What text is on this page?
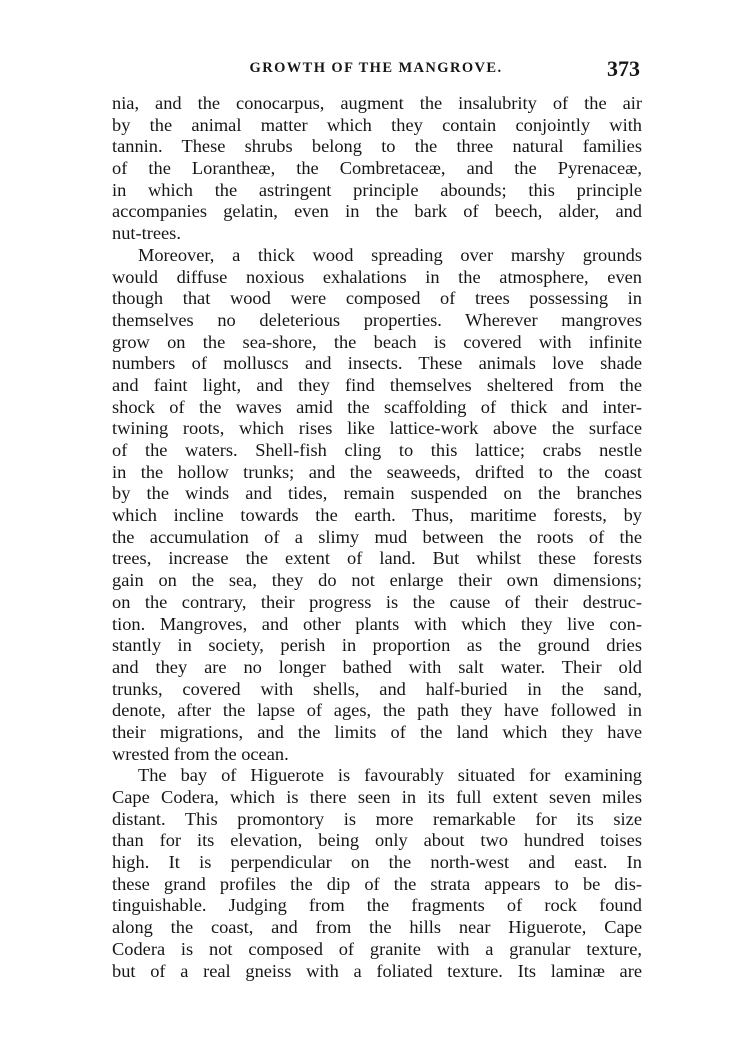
GROWTH OF THE MANGROVE.	373

nia, and the conocarpus, augment the insalubrity of the air
by the animal matter which they contain conjointly with
tannin. These shrubs belong to the three natural families
of the Lorantheæ, the Combretaceæ, and the Pyrenaceæ,
in which the astringent principle abounds; this principle
accompanies gelatin, even in the bark of beech, alder, and
nut-trees.

Moreover, a thick wood spreading over marshy grounds
would diffuse noxious exhalations in the atmosphere, even
though that wood were composed of trees possessing in
themselves no deleterious properties. Wherever mangroves
grow on the sea-shore, the beach is covered with infinite
numbers of molluscs and insects. These animals love shade
and faint light, and they find themselves sheltered from the
shock of the waves amid the scaffolding of thick and inter-
twining roots, which rises like lattice-work above the surface
of the waters. Shell-fish cling to this lattice; crabs nestle
in the hollow trunks; and the seaweeds, drifted to the coast
by the winds and tides, remain suspended on the branches
which incline towards the earth. Thus, maritime forests, by
the accumulation of a slimy mud between the roots of the
trees, increase the extent of land. But whilst these forests
gain on the sea, they do not enlarge their own dimensions;
on the contrary, their progress is the cause of their destruc-
tion. Mangroves, and other plants with which they live con-
stantly in society, perish in proportion as the ground dries
and they are no longer bathed with salt water. Their old
trunks, covered with shells, and half-buried in the sand,
denote, after the lapse of ages, the path they have followed in
their migrations, and the limits of the land which they have
wrested from the ocean.

The bay of Higuerote is favourably situated for examining
Cape Codera, which is there seen in its full extent seven miles
distant. This promontory is more remarkable for its size
than for its elevation, being only about two hundred toises
high. It is perpendicular on the north-west and east. In
these grand profiles the dip of the strata appears to be dis-
tinguishable. Judging from the fragments of rock found
along the coast, and from the hills near Higuerote, Cape
Codera is not composed of granite with a granular texture,
but of a real gneiss with a foliated texture. Its laminæ are
